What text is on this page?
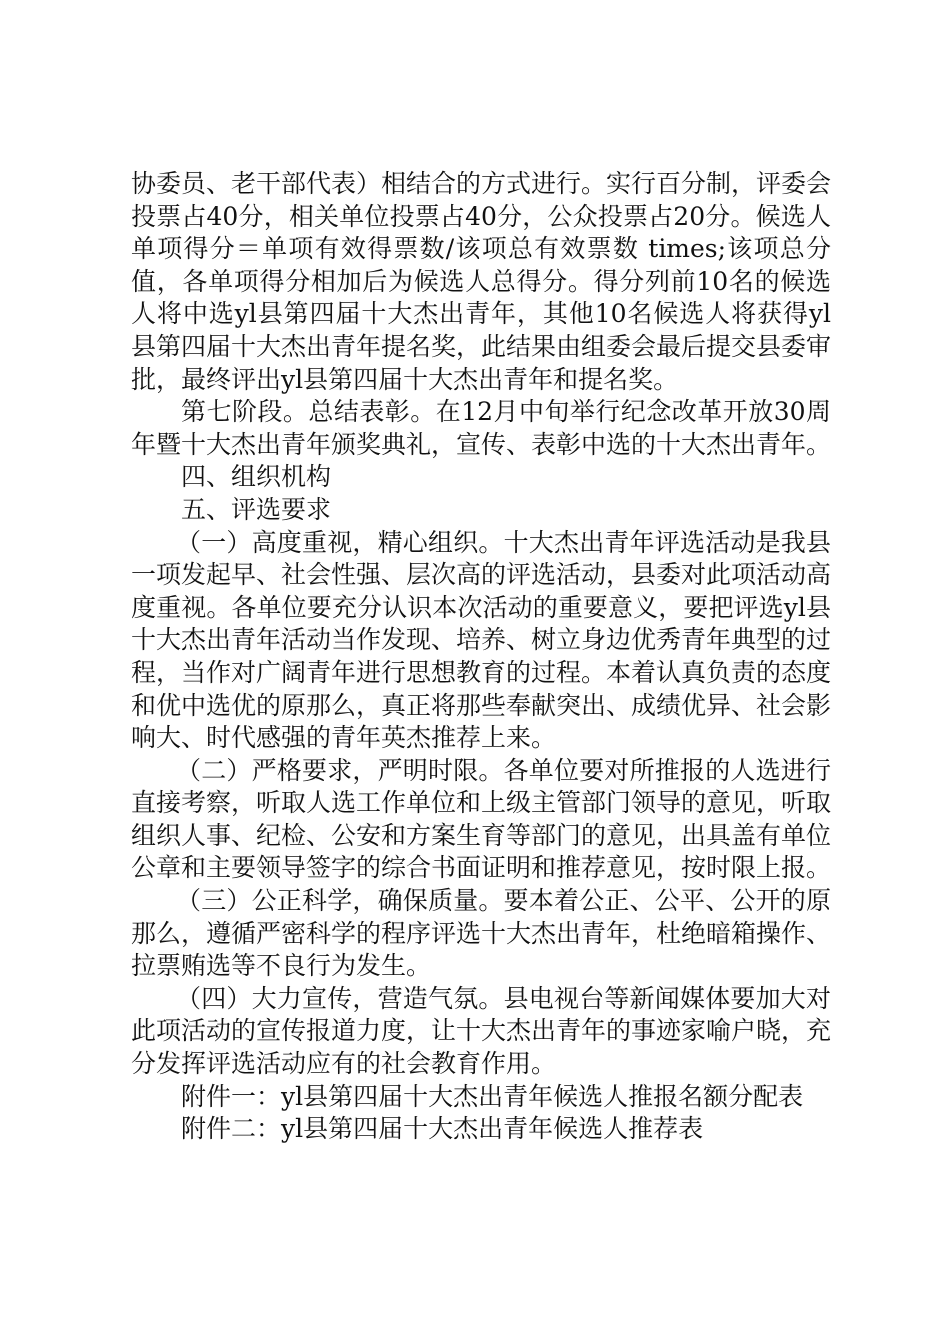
协委员、老干部代表）相结合的方式进行。实行百分制，评委会投票占40分，相关单位投票占40分，公众投票占20分。候选人单项得分＝单项有效得票数/该项总有效票数 times;该项总分值，各单项得分相加后为候选人总得分。得分列前10名的候选人将中选yl县第四届十大杰出青年，其他10名候选人将获得yl县第四届十大杰出青年提名奖，此结果由组委会最后提交县委审批，最终评出yl县第四届十大杰出青年和提名奖。

第七阶段。总结表彰。在12月中旬举行纪念改革开放30周年暨十大杰出青年颁奖典礼，宣传、表彰中选的十大杰出青年。

四、组织机构

五、评选要求

（一）高度重视，精心组织。十大杰出青年评选活动是我县一项发起早、社会性强、层次高的评选活动，县委对此项活动高度重视。各单位要充分认识本次活动的重要意义，要把评选yl县十大杰出青年活动当作发现、培养、树立身边优秀青年典型的过程，当作对广阔青年进行思想教育的过程。本着认真负责的态度和优中选优的原那么，真正将那些奉献突出、成绩优异、社会影响大、时代感强的青年英杰推荐上来。

（二）严格要求，严明时限。各单位要对所推报的人选进行直接考察，听取人选工作单位和上级主管部门领导的意见，听取组织人事、纪检、公安和方案生育等部门的意见，出具盖有单位公章和主要领导签字的综合书面证明和推荐意见，按时限上报。

（三）公正科学，确保质量。要本着公正、公平、公开的原那么，遵循严密科学的程序评选十大杰出青年，杜绝暗箱操作、拉票贿选等不良行为发生。

（四）大力宣传，营造气氛。县电视台等新闻媒体要加大对此项活动的宣传报道力度，让十大杰出青年的事迹家喻户晓，充分发挥评选活动应有的社会教育作用。

附件一：yl县第四届十大杰出青年候选人推报名额分配表

附件二：yl县第四届十大杰出青年候选人推荐表
